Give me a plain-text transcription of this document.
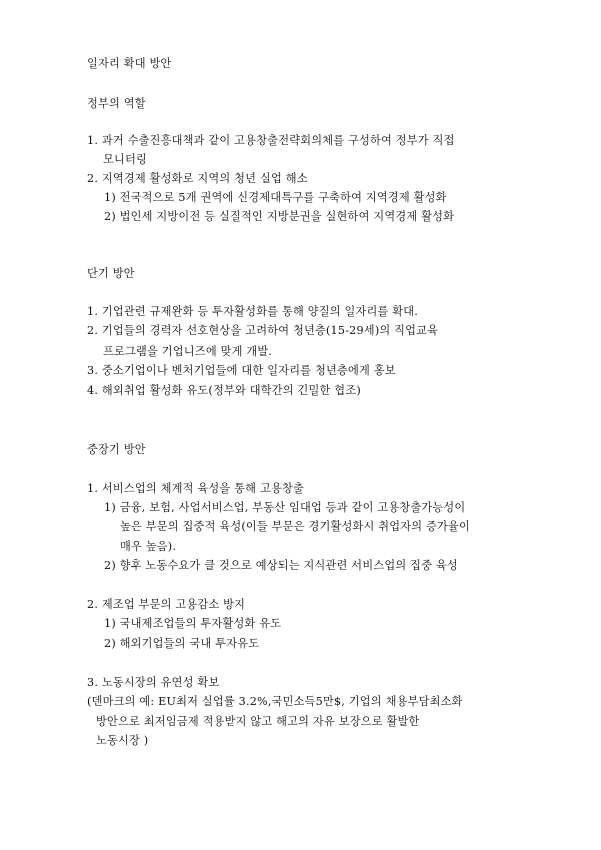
일자리 확대 방안
정부의 역할
1. 과거 수출진흥대책과 같이 고용창출전략회의체를 구성하여 정부가 직접
모니터링
2. 지역경제 활성화로 지역의 청년 실업 해소
1) 전국적으로 5개 권역에 신경제대특구를 구축하여 지역경제 활성화
2) 법인세 지방이전 등 실질적인 지방분권을 실현하여 지역경제 활성화
단기 방안
1. 기업관련 규제완화 등 투자활성화를 통해 양질의 일자리를 확대.
2. 기업들의 경력자 선호현상을 고려하여 청년층(15-29세)의 직업교육
프로그램을 기업니즈에 맞게 개발.
3. 중소기업이나 벤처기업들에 대한 일자리를 청년층에게 홍보
4. 해외취업 활성화 유도(정부와 대학간의 긴밀한 협조)
중장기 방안
1. 서비스업의 체계적 육성을 통해 고용창출
1) 금융, 보험, 사업서비스업, 부동산 임대업 등과 같이 고용창출가능성이
높은 부문의 집중적 육성(이들 부문은 경기활성화시 취업자의 증가율이
매우 높음).
2) 향후 노동수요가 클 것으로 예상되는 지식관련 서비스업의 집중 육성
2. 제조업 부문의 고용감소 방지
1) 국내제조업들의 투자활성화 유도
2) 해외기업들의 국내 투자유도
3. 노동시장의 유연성 확보
(덴마크의 예: EU최저 실업률 3.2%,국민소득5만$, 기업의 채용부담최소화
방안으로 최저임금제 적용받지 않고 해고의 자유 보장으로 활발한
노동시장 )
